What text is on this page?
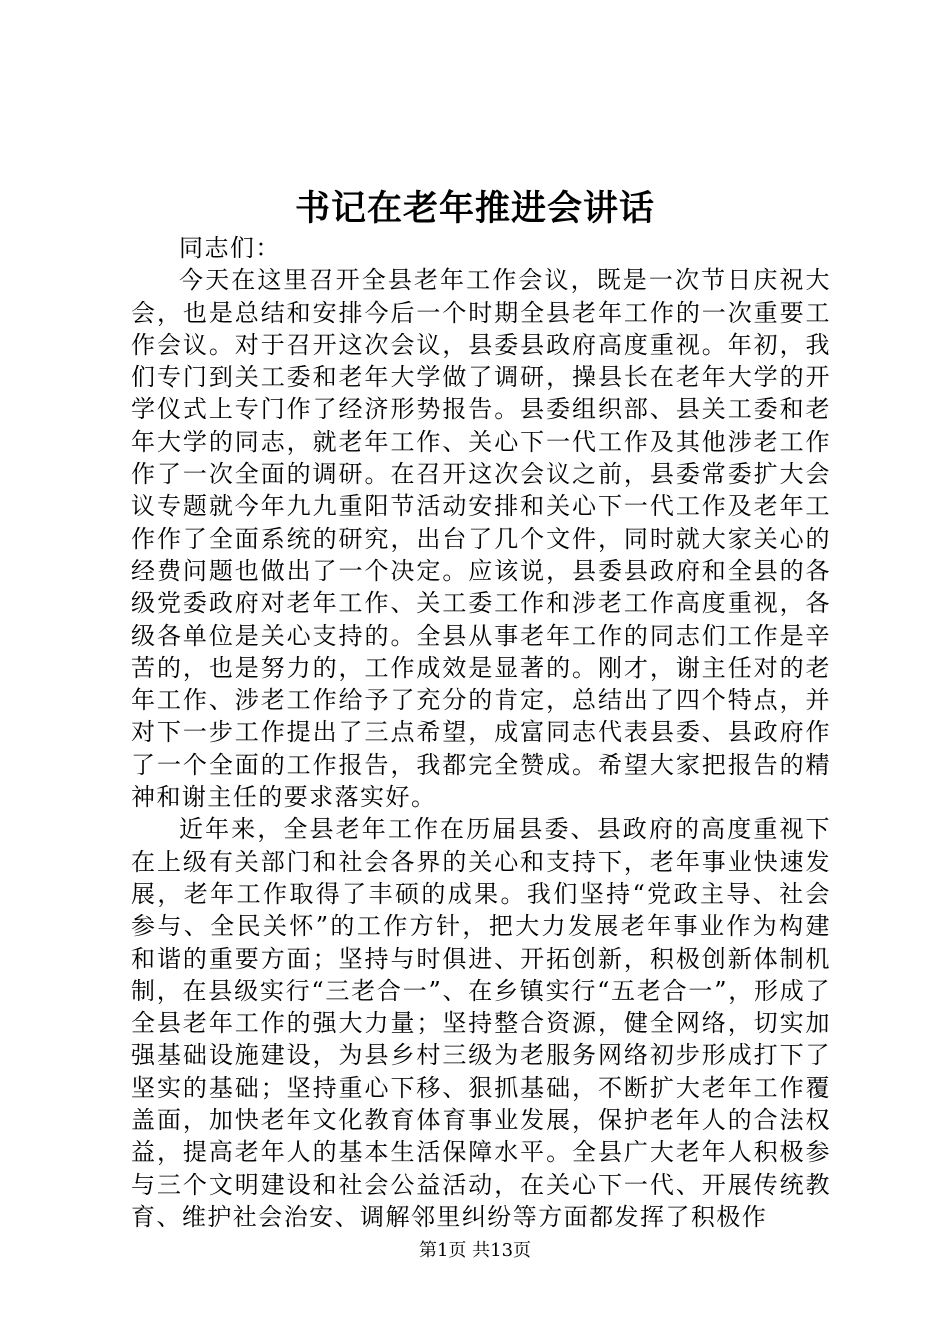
书记在老年推进会讲话

同志们：

今天在这里召开全县老年工作会议，既是一次节日庆祝大会，也是总结和安排今后一个时期全县老年工作的一次重要工作会议。对于召开这次会议，县委县政府高度重视。年初，我们专门到关工委和老年大学做了调研，操县长在老年大学的开学仪式上专门作了经济形势报告。县委组织部、县关工委和老年大学的同志，就老年工作、关心下一代工作及其他涉老工作作了一次全面的调研。在召开这次会议之前，县委常委扩大会议专题就今年九九重阳节活动安排和关心下一代工作及老年工作作了全面系统的研究，出台了几个文件，同时就大家关心的经费问题也做出了一个决定。应该说，县委县政府和全县的各级党委政府对老年工作、关工委工作和涉老工作高度重视，各级各单位是关心支持的。全县从事老年工作的同志们工作是辛苦的，也是努力的，工作成效是显著的。刚才，谢主任对的老年工作、涉老工作给予了充分的肯定，总结出了四个特点，并对下一步工作提出了三点希望，成富同志代表县委、县政府作了一个全面的工作报告，我都完全赞成。希望大家把报告的精神和谢主任的要求落实好。

近年来，全县老年工作在历届县委、县政府的高度重视下在上级有关部门和社会各界的关心和支持下，老年事业快速发展，老年工作取得了丰硕的成果。我们坚持“党政主导、社会参与、全民关怀”的工作方针，把大力发展老年事业作为构建和谐的重要方面；坚持与时俱进、开拓创新，积极创新体制机制，在县级实行“三老合一”、在乡镇实行“五老合一”，形成了全县老年工作的强大力量；坚持整合资源，健全网络，切实加强基础设施建设，为县乡村三级为老服务网络初步形成打下了坚实的基础；坚持重心下移、狠抓基础，不断扩大老年工作覆盖面，加快老年文化教育体育事业发展，保护老年人的合法权益，提高老年人的基本生活保障水平。全县广大老年人积极参与三个文明建设和社会公益活动，在关心下一代、开展传统教育、维护社会治安、调解邻里纠纷等方面都发挥了积极作

第1页 共13页
